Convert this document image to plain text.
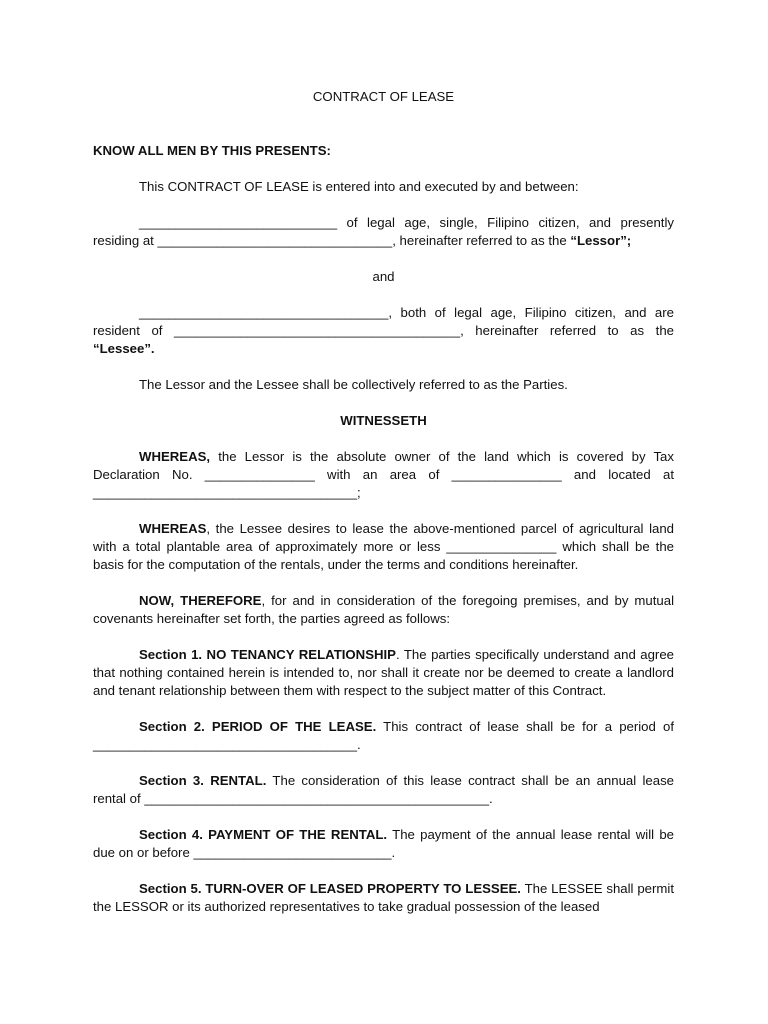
CONTRACT OF LEASE
KNOW ALL MEN BY THIS PRESENTS:

This CONTRACT OF LEASE is entered into and executed by and between:

___________________________ of legal age, single, Filipino citizen, and presently residing at ________________________________, hereinafter referred to as the “Lessor”;

and

__________________________________, both of legal age, Filipino citizen, and are resident of _______________________________________, hereinafter referred to as the “Lessee”.

The Lessor and the Lessee shall be collectively referred to as the Parties.

WITNESSETH

WHEREAS, the Lessor is the absolute owner of the land which is covered by Tax Declaration No. _______________ with an area of _______________ and located at ____________________________________;

WHEREAS, the Lessee desires to lease the above-mentioned parcel of agricultural land with a total plantable area of approximately more or less _______________ which shall be the basis for the computation of the rentals, under the terms and conditions hereinafter.

NOW, THEREFORE, for and in consideration of the foregoing premises, and by mutual covenants hereinafter set forth, the parties agreed as follows:

Section 1. NO TENANCY RELATIONSHIP. The parties specifically understand and agree that nothing contained herein is intended to, nor shall it create nor be deemed to create a landlord and tenant relationship between them with respect to the subject matter of this Contract.

Section 2. PERIOD OF THE LEASE. This contract of lease shall be for a period of ____________________________________.

Section 3. RENTAL. The consideration of this lease contract shall be an annual lease rental of _______________________________________________.

Section 4. PAYMENT OF THE RENTAL. The payment of the annual lease rental will be due on or before ___________________________.

Section 5. TURN-OVER OF LEASED PROPERTY TO LESSEE. The LESSEE shall permit the LESSOR or its authorized representatives to take gradual possession of the leased
